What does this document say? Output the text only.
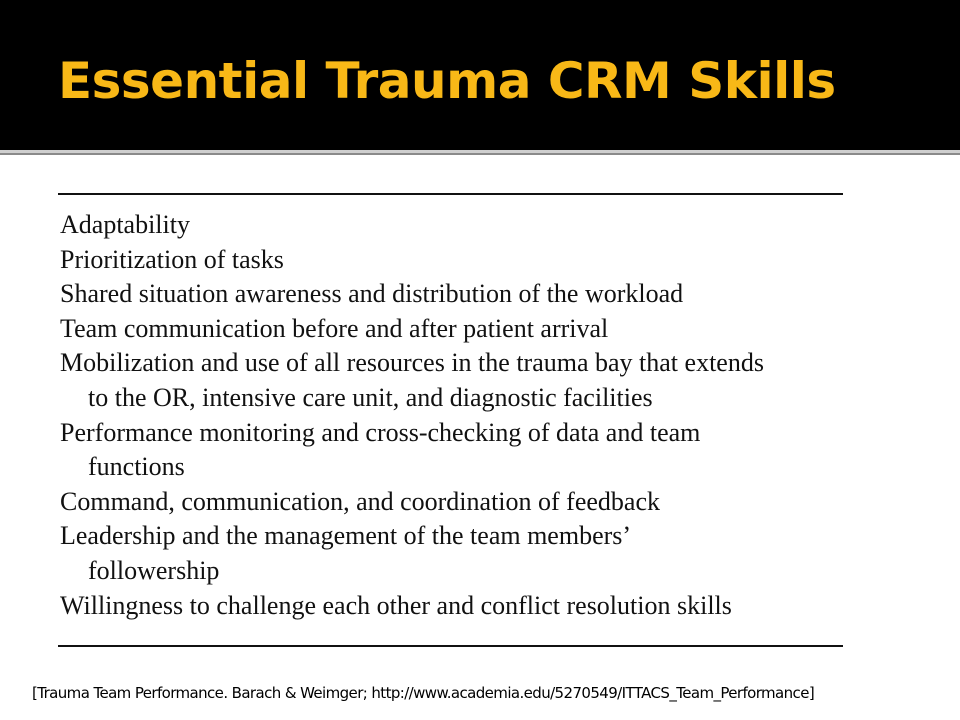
Essential Trauma CRM Skills
Adaptability
Prioritization of tasks
Shared situation awareness and distribution of the workload
Team communication before and after patient arrival
Mobilization and use of all resources in the trauma bay that extends
to the OR, intensive care unit, and diagnostic facilities
Performance monitoring and cross-checking of data and team
functions
Command, communication, and coordination of feedback
Leadership and the management of the team members’
followership
Willingness to challenge each other and conflict resolution skills
[Trauma Team Performance. Barach & Weimger; http://www.academia.edu/5270549/ITTACS_Team_Performance]
